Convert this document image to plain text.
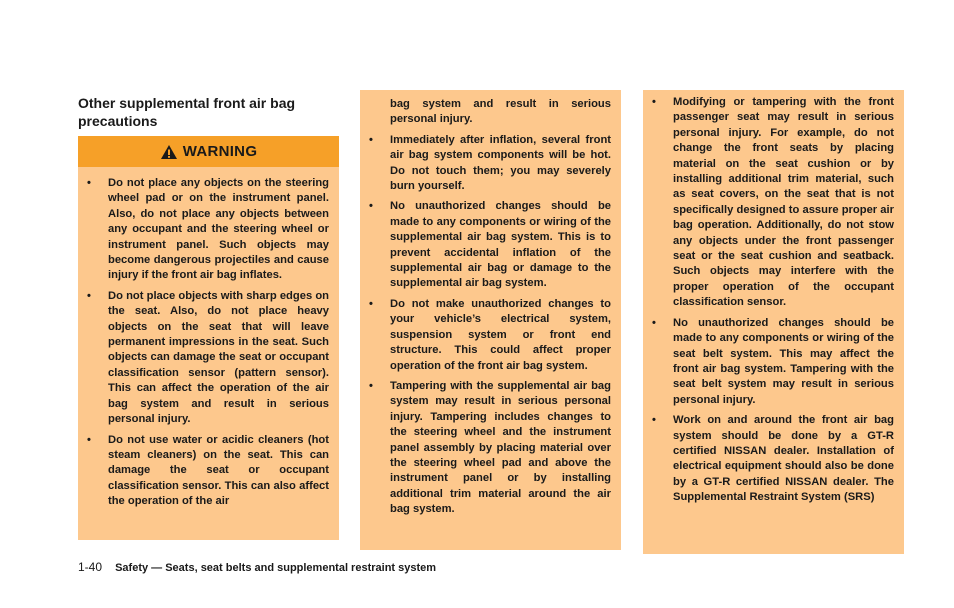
Other supplemental front air bag precautions
WARNING
• Do not place any objects on the steering wheel pad or on the instrument panel. Also, do not place any objects between any occupant and the steering wheel or instrument panel. Such objects may become dangerous projectiles and cause injury if the front air bag inflates.
• Do not place objects with sharp edges on the seat. Also, do not place heavy objects on the seat that will leave permanent impressions in the seat. Such objects can damage the seat or occupant classification sensor (pattern sensor). This can affect the operation of the air bag system and result in serious personal injury.
• Do not use water or acidic cleaners (hot steam cleaners) on the seat. This can damage the seat or occupant classification sensor. This can also affect the operation of the air
bag system and result in serious personal injury.
• Immediately after inflation, several front air bag system components will be hot. Do not touch them; you may severely burn yourself.
• No unauthorized changes should be made to any components or wiring of the supplemental air bag system. This is to prevent accidental inflation of the supplemental air bag or damage to the supplemental air bag system.
• Do not make unauthorized changes to your vehicle’s electrical system, suspension system or front end structure. This could affect proper operation of the front air bag system.
• Tampering with the supplemental air bag system may result in serious personal injury. Tampering includes changes to the steering wheel and the instrument panel assembly by placing material over the steering wheel pad and above the instrument panel or by installing additional trim material around the air bag system.
• Modifying or tampering with the front passenger seat may result in serious personal injury. For example, do not change the front seats by placing material on the seat cushion or by installing additional trim material, such as seat covers, on the seat that is not specifically designed to assure proper air bag operation. Additionally, do not stow any objects under the front passenger seat or the seat cushion and seatback. Such objects may interfere with the proper operation of the occupant classification sensor.
• No unauthorized changes should be made to any components or wiring of the seat belt system. This may affect the front air bag system. Tampering with the seat belt system may result in serious personal injury.
• Work on and around the front air bag system should be done by a GT-R certified NISSAN dealer. Installation of electrical equipment should also be done by a GT-R certified NISSAN dealer. The Supplemental Restraint System (SRS)
1-40 Safety — Seats, seat belts and supplemental restraint system
